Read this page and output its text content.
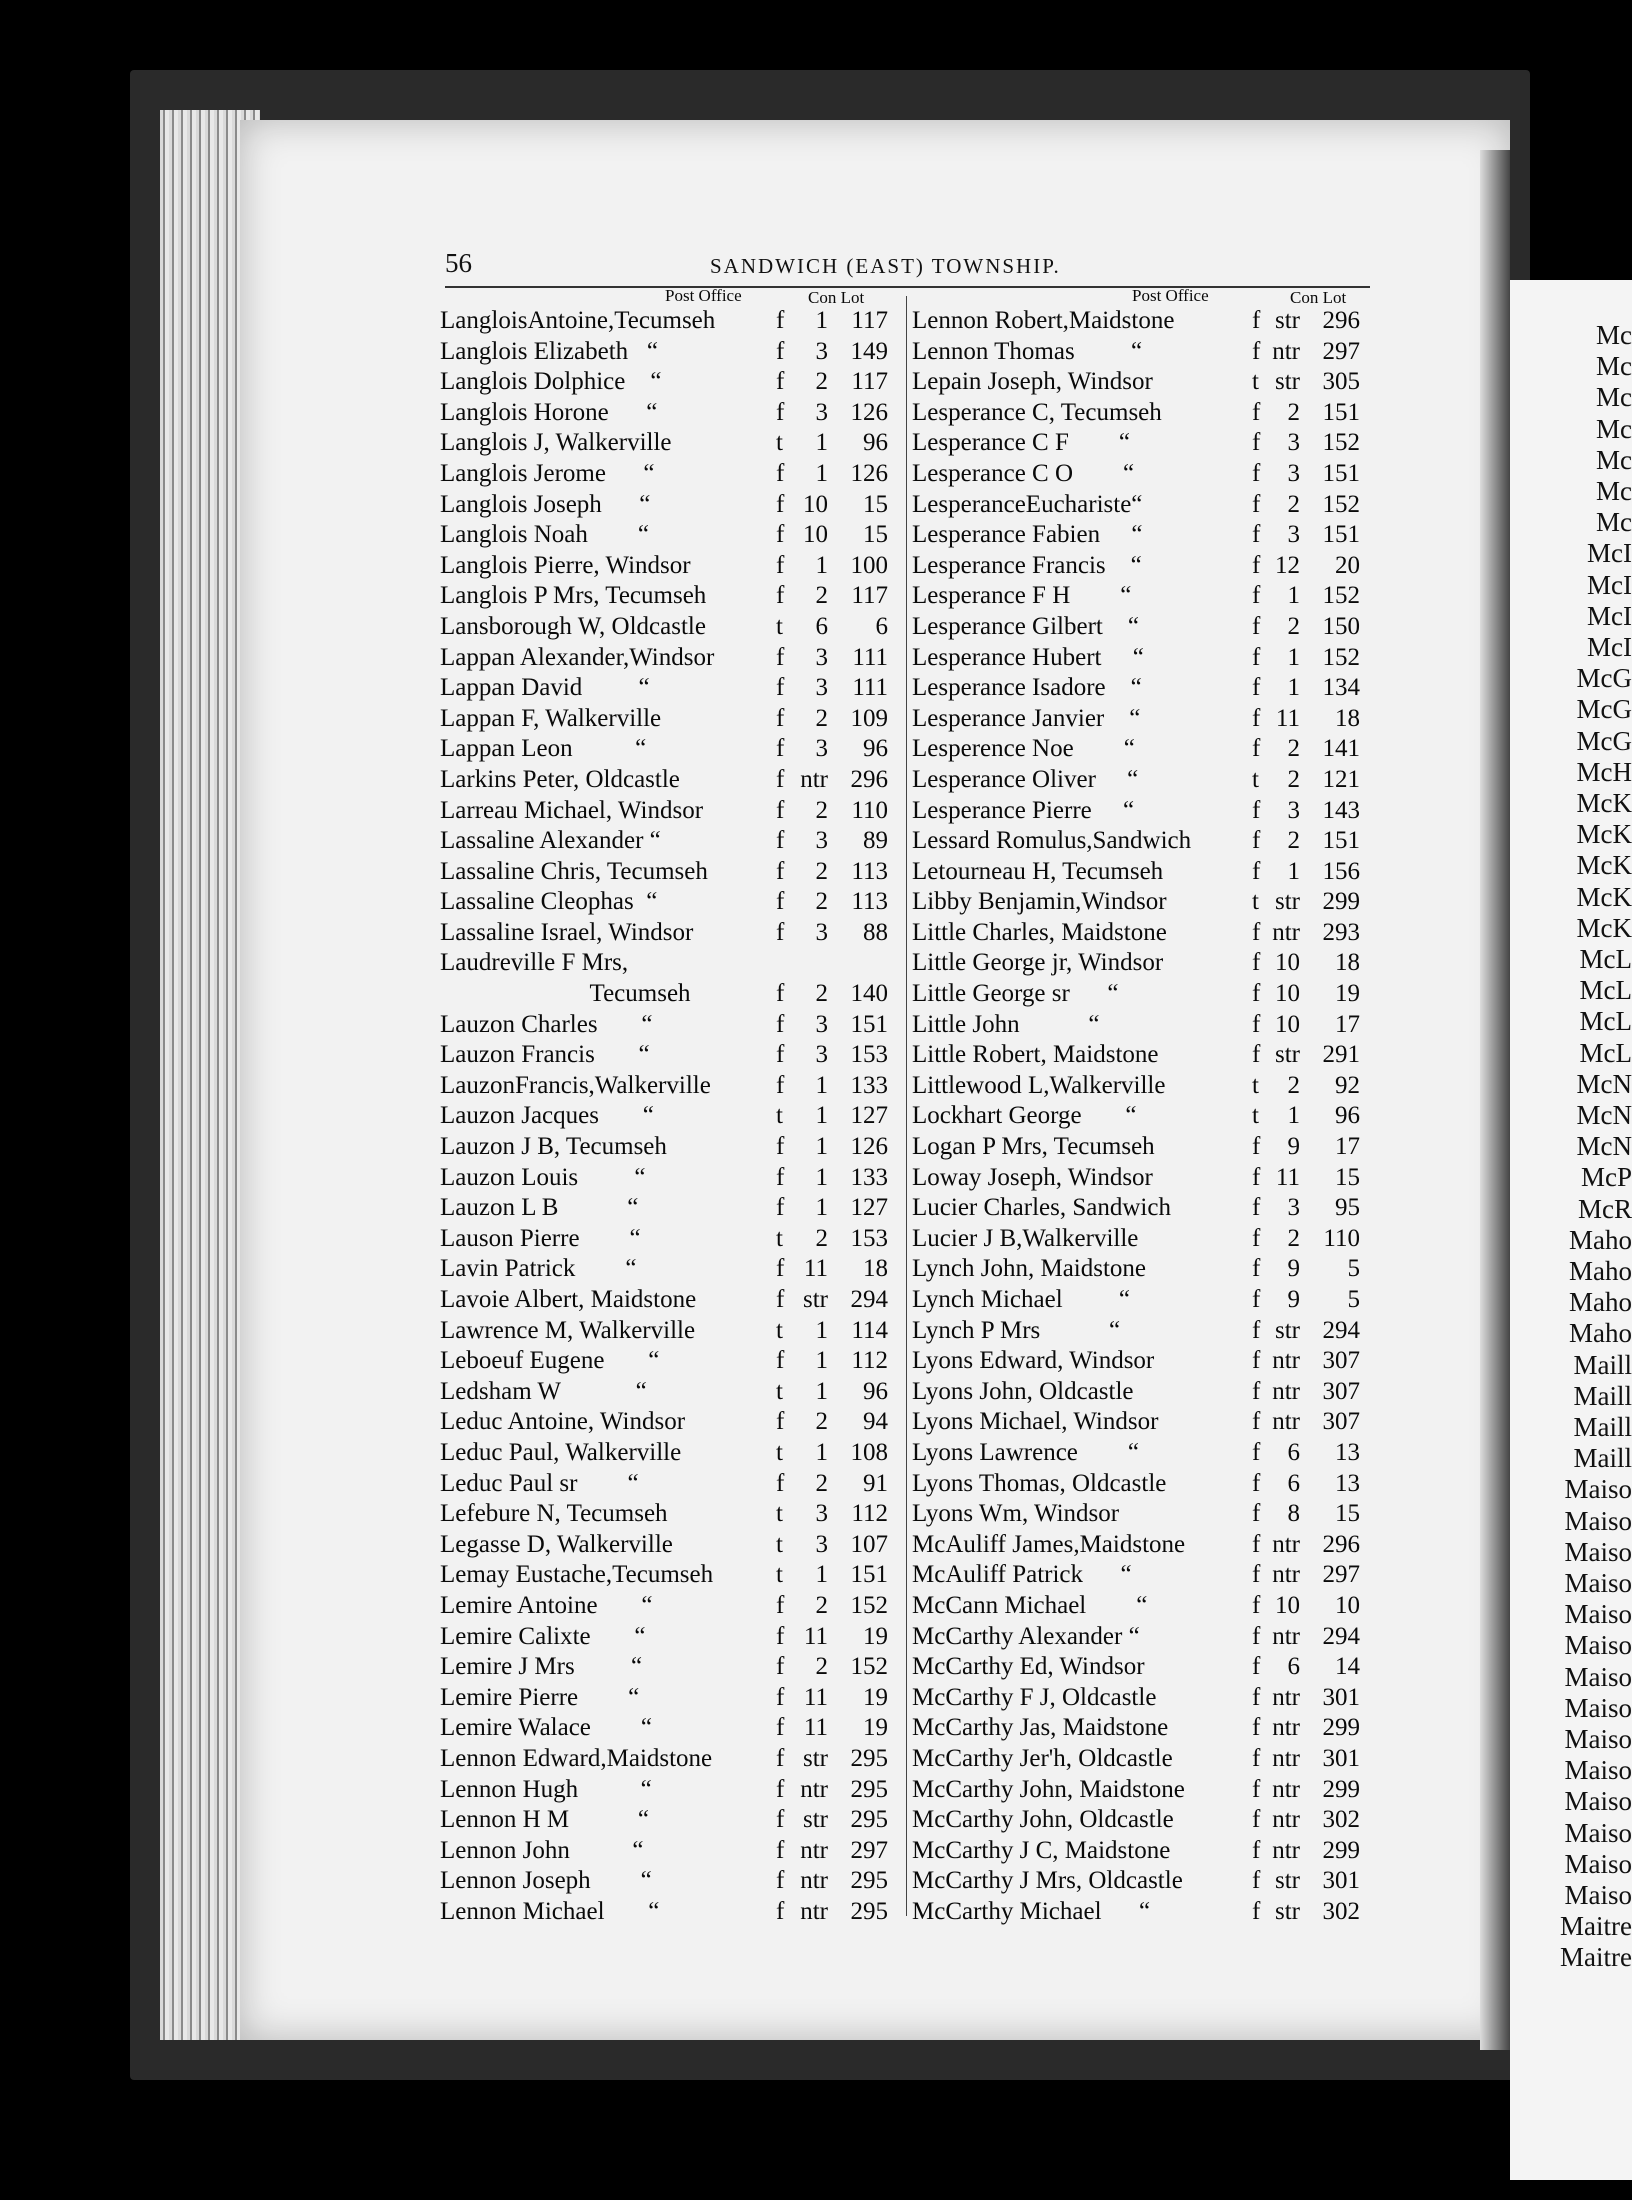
Mc
Mc
Mc
Mc
Mc
Mc
Mc
McI
McI
McI
McI
McG
McG
McG
McH
McK
McK
McK
McK
McK
McL
McL
McL
McL
McN
McN
McN
McP
McR
Maho
Maho
Maho
Maho
Maill
Maill
Maill
Maill
Maiso
Maiso
Maiso
Maiso
Maiso
Maiso
Maiso
Maiso
Maiso
Maiso
Maiso
Maiso
Maiso
Maiso
Maitre
Maitre
56	SANDWICH (EAST) TOWNSHIP.
Post Office	Con Lot
LangloisAntoine,Tecumseh f	1 117
Langlois Elizabeth   “	f	3 149
Langlois Dolphice    “	f	2 117
Langlois Horone      “	f	3 126
Langlois J, Walkerville	t	1	96
Langlois Jerome      “	f	1 126
Langlois Joseph      “	f 10	15
Langlois Noah        “	f 10	15
Langlois Pierre, Windsor	f	1 100
Langlois P Mrs, Tecumseh	f	2 117
Lansborough W, Oldcastle	t	6	6
Lappan Alexander,Windsor f	3 111
Lappan David         “	f	3 111
Lappan F, Walkerville	f	2 109
Lappan Leon          “	f	3	96
Larkins Peter, Oldcastle	f ntr 296
Larreau Michael, Windsor	f	2 110
Lassaline Alexander “	f	3	89
Lassaline Chris, Tecumseh	f	2 113
Lassaline Cleophas  “	f	2 113
Lassaline Israel, Windsor	f	3	88
Laudreville F Mrs,
Tecumseh	f	2 140
Lauzon Charles       “	f	3 151
Lauzon Francis       “	f	3 153
LauzonFrancis,Walkerville	f	1 133
Lauzon Jacques       “	t	1 127
Lauzon J B, Tecumseh	f	1 126
Lauzon Louis         “	f	1 133
Lauzon L B           “	f	1 127
Lauson Pierre        “	t	2 153
Lavin Patrick        “	f 11	18
Lavoie Albert, Maidstone	f str 294
Lawrence M, Walkerville	t	1 114
Leboeuf Eugene       “	f	1 112
Ledsham W            “	t	1	96
Leduc Antoine, Windsor	f	2	94
Leduc Paul, Walkerville	t	1 108
Leduc Paul sr        “	f	2	91
Lefebure N, Tecumseh	t	3 112
Legasse D, Walkerville	t	3 107
Lemay Eustache,Tecumseh	t	1 151
Lemire Antoine       “	f	2 152
Lemire Calixte       “	f 11	19
Lemire J Mrs         “	f	2 152
Lemire Pierre        “	f 11	19
Lemire Walace        “	f 11	19
Lennon Edward,Maidstone	f str 295
Lennon Hugh          “	f ntr 295
Lennon H M           “	f str 295
Lennon John          “	f ntr 297
Lennon Joseph        “	f ntr 295
Lennon Michael       “	f ntr 295
Post Office	Con Lot
Lennon Robert,Maidstone	f str 296
Lennon Thomas         “	f ntr 297
Lepain Joseph, Windsor	t str 305
Lesperance C, Tecumseh	f	2 151
Lesperance C F        “	f	3 152
Lesperance C O        “	f	3 151
LesperanceEucharistе“	f	2 152
Lesperance Fabien     “	f	3 151
Lesperance Francis    “	f 12	20
Lesperance F H        “	f	1 152
Lesperance Gilbert    “	f	2 150
Lesperance Hubert     “	f	1 152
Lesperance Isadore    “	f	1 134
Lesperance Janvier    “	f 11	18
Lesperence Noe        “	f	2 141
Lesperance Oliver     “	t	2 121
Lesperance Pierre     “	f	3 143
Lessard Romulus,Sandwich f	2 151
Letourneau H, Tecumseh	f	1 156
Libby Benjamin,Windsor	t str 299
Little Charles, Maidstone	f ntr 293
Little George jr, Windsor	f 10	18
Little George sr      “	f 10	19
Little John           “	f 10	17
Little Robert, Maidstone	f str 291
Littlewood L,Walkerville	t	2	92
Lockhart George       “	t	1	96
Logan P Mrs, Tecumseh	f	9	17
Loway Joseph, Windsor	f 11	15
Lucier Charles, Sandwich	f	3	95
Lucier J B,Walkerville	f	2 110
Lynch John, Maidstone	f	9	5
Lynch Michael         “	f	9	5
Lynch P Mrs           “	f str 294
Lyons Edward, Windsor	f ntr 307
Lyons John, Oldcastle	f ntr 307
Lyons Michael, Windsor	f ntr 307
Lyons Lawrence        “	f	6	13
Lyons Thomas, Oldcastle	f	6	13
Lyons Wm, Windsor	f	8	15
McAuliff James,Maidstone	f ntr 296
McAuliff Patrick      “	f ntr 297
McCann Michael        “	f 10	10
McCarthy Alexander “	f ntr 294
McCarthy Ed, Windsor	f	6	14
McCarthy F J, Oldcastle	f ntr 301
McCarthy Jas, Maidstone	f ntr 299
McCarthy Jer'h, Oldcastle	f ntr 301
McCarthy John, Maidstone	f ntr 299
McCarthy John, Oldcastle	f ntr 302
McCarthy J C, Maidstone	f ntr 299
McCarthy J Mrs, Oldcastle	f str 301
McCarthy Michael      “	f str 302
